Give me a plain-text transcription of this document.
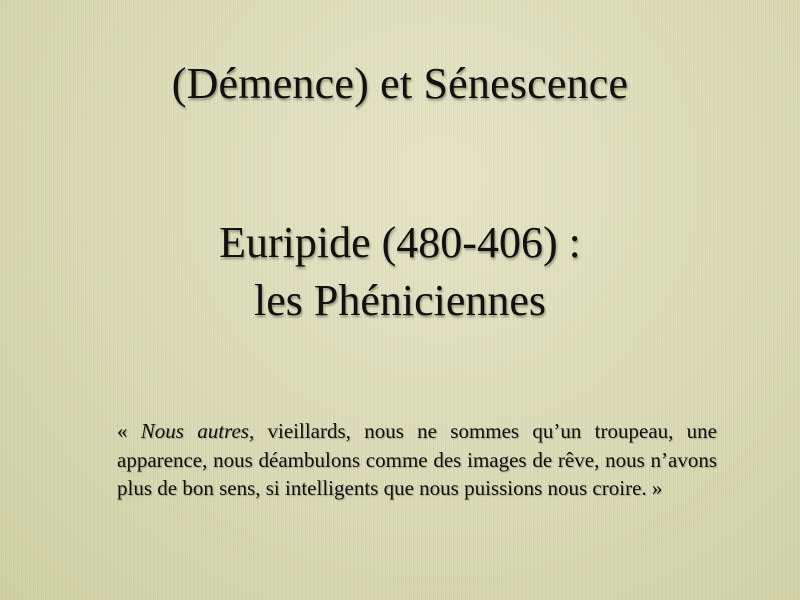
(Démence) et Sénescence
Euripide (480-406) :
les Phéniciennes

« Nous autres, vieillards, nous ne sommes qu’un troupeau, une apparence, nous déambulons comme des images de rêve, nous n’avons plus de bon sens, si intelligents que nous puissions nous croire. »
